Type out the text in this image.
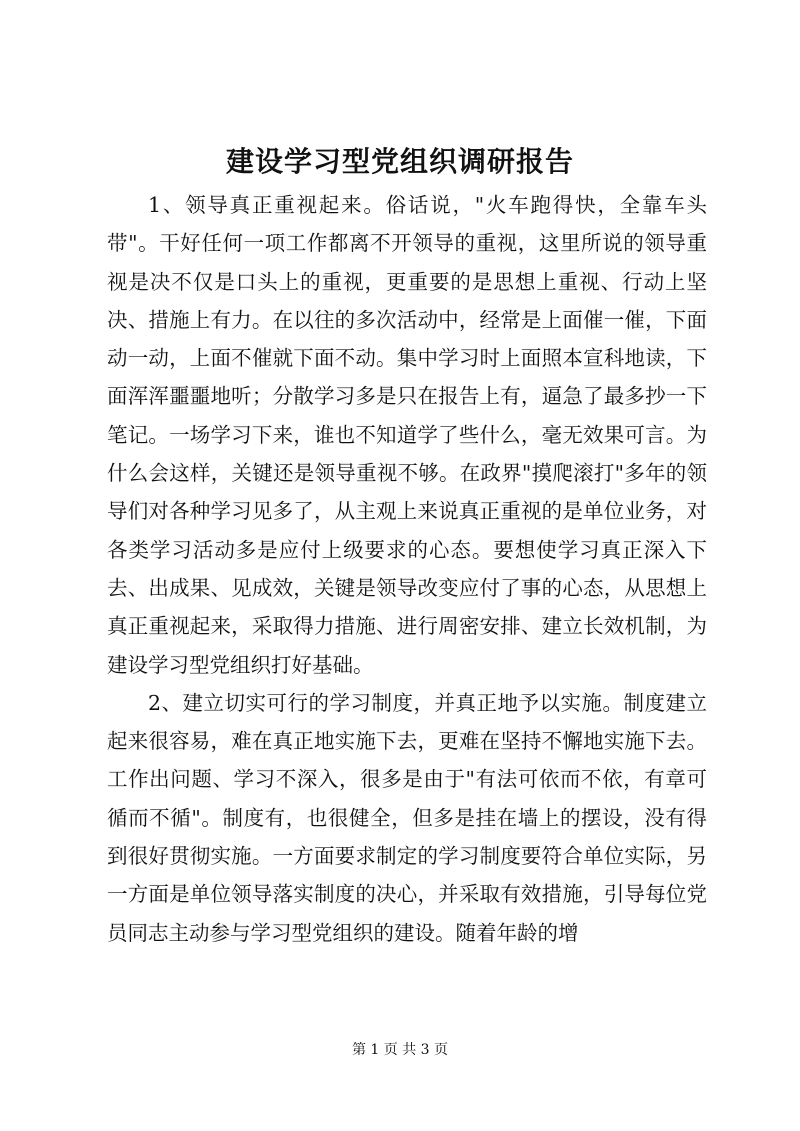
建设学习型党组织调研报告

1、领导真正重视起来。俗话说，"火车跑得快，全靠车头带"。干好任何一项工作都离不开领导的重视，这里所说的领导重视是决不仅是口头上的重视，更重要的是思想上重视、行动上坚决、措施上有力。在以往的多次活动中，经常是上面催一催，下面动一动，上面不催就下面不动。集中学习时上面照本宣科地读，下面浑浑噩噩地听；分散学习多是只在报告上有，逼急了最多抄一下笔记。一场学习下来，谁也不知道学了些什么，毫无效果可言。为什么会这样，关键还是领导重视不够。在政界"摸爬滚打"多年的领导们对各种学习见多了，从主观上来说真正重视的是单位业务，对各类学习活动多是应付上级要求的心态。要想使学习真正深入下去、出成果、见成效，关键是领导改变应付了事的心态，从思想上真正重视起来，采取得力措施、进行周密安排、建立长效机制，为建设学习型党组织打好基础。

2、建立切实可行的学习制度，并真正地予以实施。制度建立起来很容易，难在真正地实施下去，更难在坚持不懈地实施下去。工作出问题、学习不深入，很多是由于"有法可依而不依，有章可循而不循"。制度有，也很健全，但多是挂在墙上的摆设，没有得到很好贯彻实施。一方面要求制定的学习制度要符合单位实际，另一方面是单位领导落实制度的决心，并采取有效措施，引导每位党员同志主动参与学习型党组织的建设。随着年龄的增

第 1 页 共 3 页
